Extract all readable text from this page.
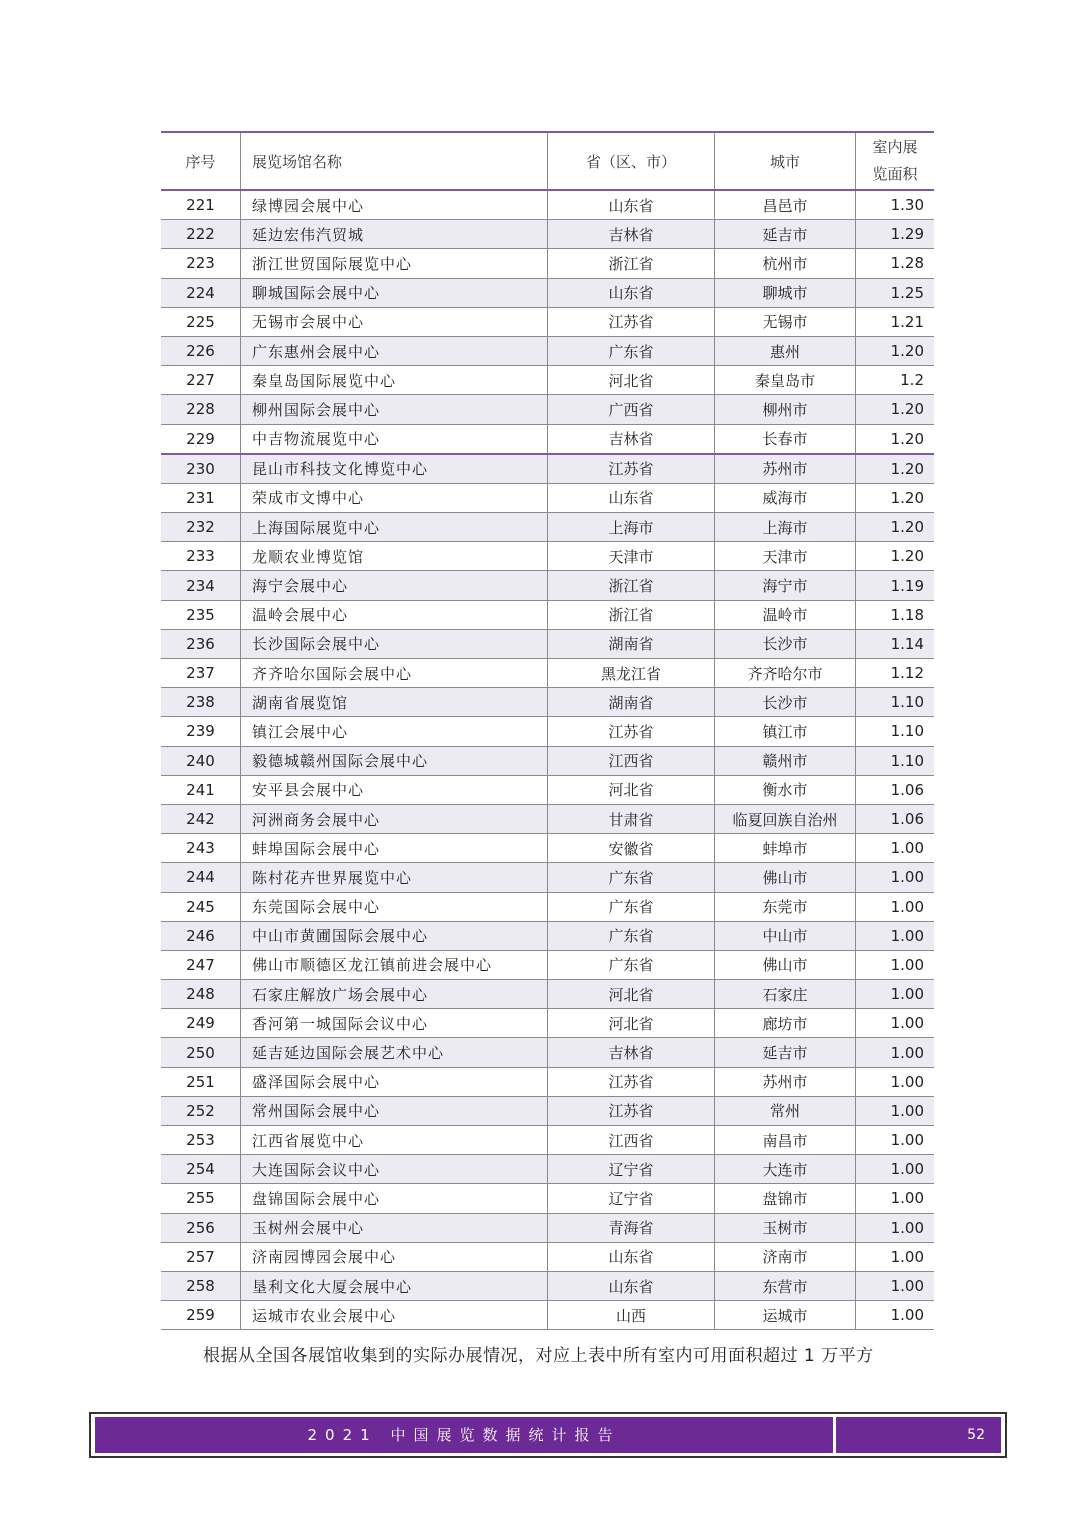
序号	展览场馆名称	省（区、市）	城市	室内展
览面积
221	绿博园会展中心	山东省	昌邑市	1.30
222	延边宏伟汽贸城	吉林省	延吉市	1.29
223	浙江世贸国际展览中心	浙江省	杭州市	1.28
224	聊城国际会展中心	山东省	聊城市	1.25
225	无锡市会展中心	江苏省	无锡市	1.21
226	广东惠州会展中心	广东省	惠州	1.20
227	秦皇岛国际展览中心	河北省	秦皇岛市	1.2
228	柳州国际会展中心	广西省	柳州市	1.20
229	中吉物流展览中心	吉林省	长春市	1.20
230	昆山市科技文化博览中心	江苏省	苏州市	1.20
231	荣成市文博中心	山东省	威海市	1.20
232	上海国际展览中心	上海市	上海市	1.20
233	龙顺农业博览馆	天津市	天津市	1.20
234	海宁会展中心	浙江省	海宁市	1.19
235	温岭会展中心	浙江省	温岭市	1.18
236	长沙国际会展中心	湖南省	长沙市	1.14
237	齐齐哈尔国际会展中心	黑龙江省	齐齐哈尔市	1.12
238	湖南省展览馆	湖南省	长沙市	1.10
239	镇江会展中心	江苏省	镇江市	1.10
240	毅德城赣州国际会展中心	江西省	赣州市	1.10
241	安平县会展中心	河北省	衡水市	1.06
242	河洲商务会展中心	甘肃省	临夏回族自治州	1.06
243	蚌埠国际会展中心	安徽省	蚌埠市	1.00
244	陈村花卉世界展览中心	广东省	佛山市	1.00
245	东莞国际会展中心	广东省	东莞市	1.00
246	中山市黄圃国际会展中心	广东省	中山市	1.00
247	佛山市顺德区龙江镇前进会展中心	广东省	佛山市	1.00
248	石家庄解放广场会展中心	河北省	石家庄	1.00
249	香河第一城国际会议中心	河北省	廊坊市	1.00
250	延吉延边国际会展艺术中心	吉林省	延吉市	1.00
251	盛泽国际会展中心	江苏省	苏州市	1.00
252	常州国际会展中心	江苏省	常州	1.00
253	江西省展览中心	江西省	南昌市	1.00
254	大连国际会议中心	辽宁省	大连市	1.00
255	盘锦国际会展中心	辽宁省	盘锦市	1.00
256	玉树州会展中心	青海省	玉树市	1.00
257	济南园博园会展中心	山东省	济南市	1.00
258	垦利文化大厦会展中心	山东省	东营市	1.00
259	运城市农业会展中心	山西	运城市	1.00
根据从全国各展馆收集到的实际办展情况，对应上表中所有室内可用面积超过 1 万平方
2021 中国展览数据统计报告	52
